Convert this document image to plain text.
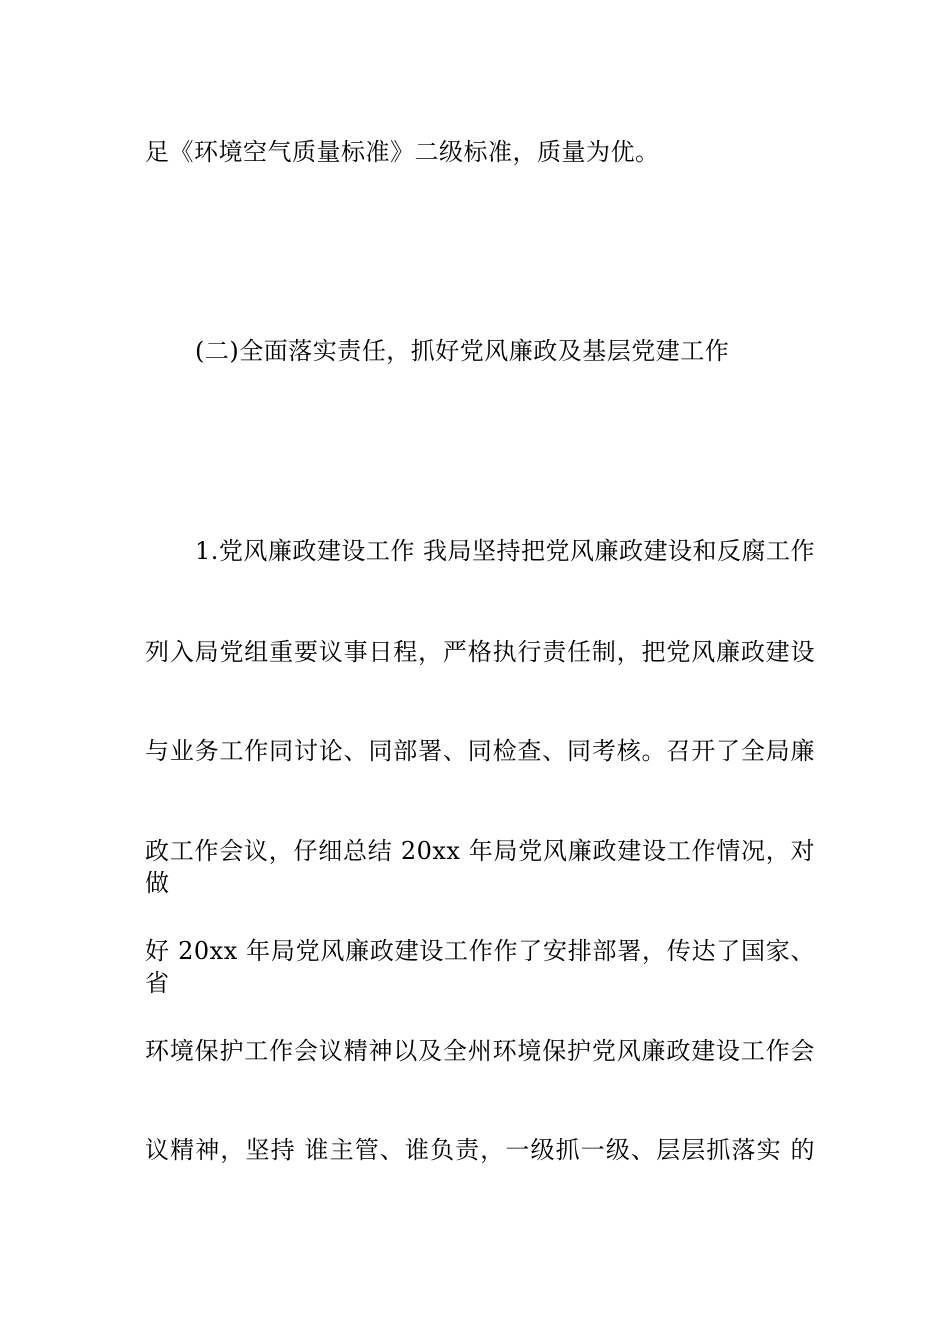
足《环境空气质量标准》二级标准，质量为优。
(二)全面落实责任，抓好党风廉政及基层党建工作
1.党风廉政建设工作 我局坚持把党风廉政建设和反腐工作
列入局党组重要议事日程，严格执行责任制，把党风廉政建设
与业务工作同讨论、同部署、同检查、同考核。召开了全局廉
政工作会议，仔细总结 20xx 年局党风廉政建设工作情况，对做
好 20xx 年局党风廉政建设工作作了安排部署，传达了国家、省
环境保护工作会议精神以及全州环境保护党风廉政建设工作会
议精神，坚持 谁主管、谁负责，一级抓一级、层层抓落实 的
